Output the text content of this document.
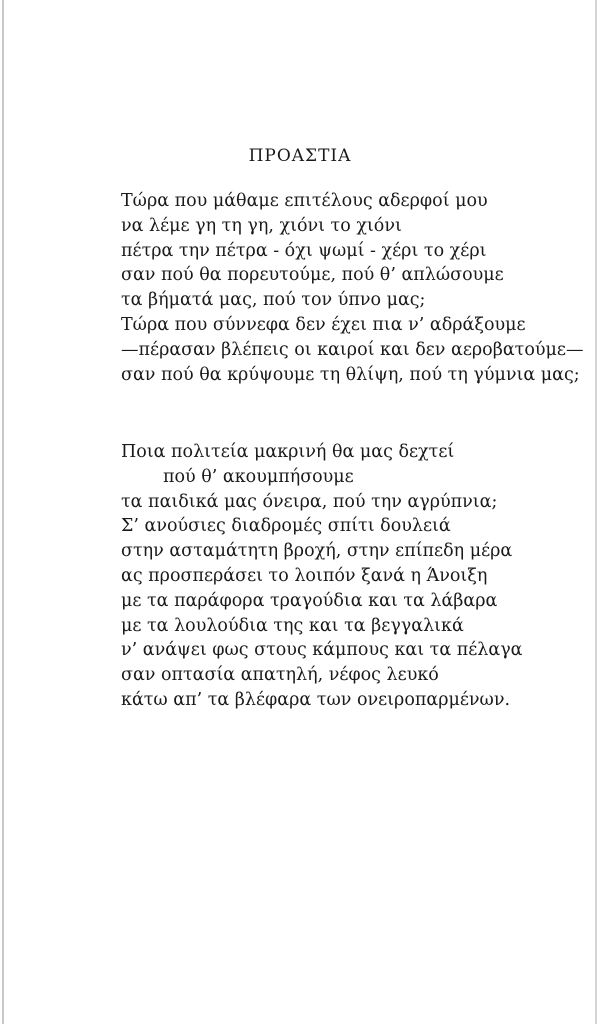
ΠΡΟΑΣΤΙΑ
Τώρα που μάθαμε επιτέλους αδερφοί μου
να λέμε γη τη γη, χιόνι το χιόνι
πέτρα την πέτρα - όχι ψωμί - χέρι το χέρι
σαν πού θα πορευτούμε, πού θ’ απλώσουμε
τα βήματά μας, πού τον ύπνο μας;
Τώρα που σύννεφα δεν έχει πια ν’ αδράξουμε
—πέρασαν βλέπεις οι καιροί και δεν αεροβατούμε—
σαν πού θα κρύψουμε τη θλίψη, πού τη γύμνια μας;
Ποια πολιτεία μακρινή θα μας δεχτεί
πού θ’ ακουμπήσουμε
τα παιδικά μας όνειρα, πού την αγρύπνια;
Σ’ ανούσιες διαδρομές σπίτι δουλειά
στην ασταμάτητη βροχή, στην επίπεδη μέρα
ας προσπεράσει το λοιπόν ξανά η Άνοιξη
με τα παράφορα τραγούδια και τα λάβαρα
με τα λουλούδια της και τα βεγγαλικά
ν’ ανάψει φως στους κάμπους και τα πέλαγα
σαν οπτασία απατηλή, νέφος λευκό
κάτω απ’ τα βλέφαρα των ονειροπαρμένων.
